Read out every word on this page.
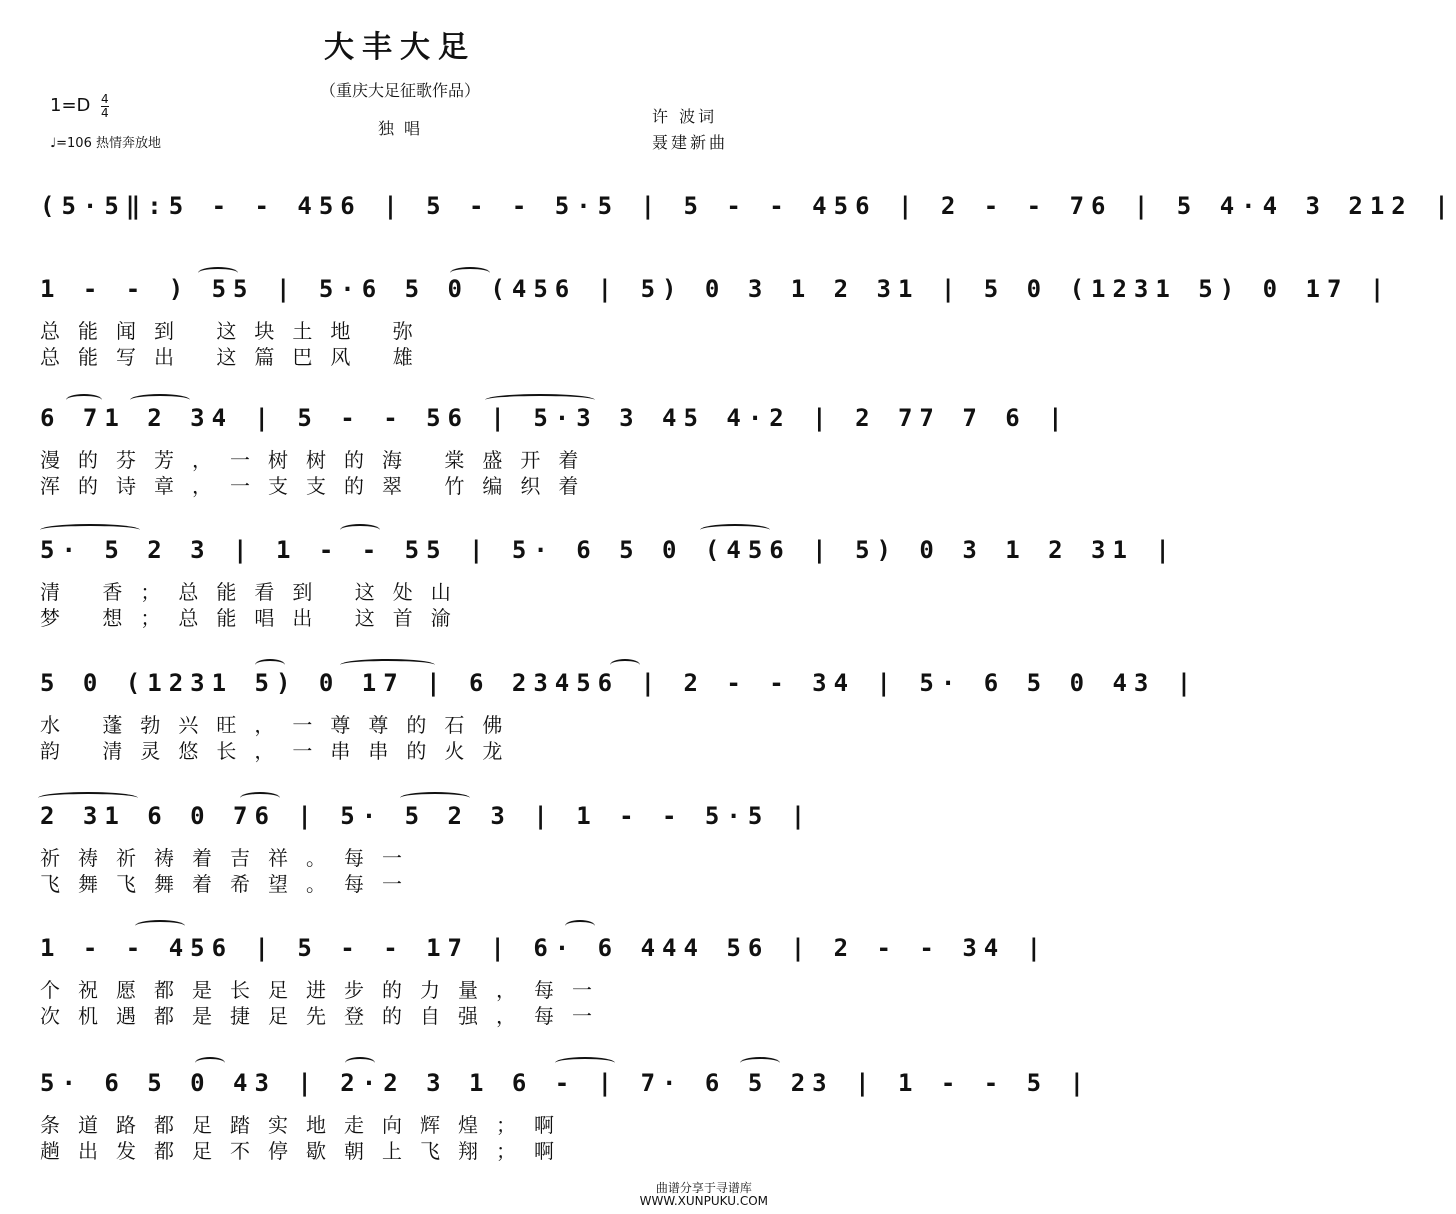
大丰大足
（重庆大足征歌作品）
1=D 4
4
♩=106 热情奔放地
独唱
许 波词
聂建新曲
(5·5‖:5 - - 456 | 5 - - 5·5 | 5 - - 456 | 2 - - 76 | 5 4·4 3 212 |
1 - - ) 55 | 5·6 5 0 (456 | 5) 0 3 1 2 31 | 5 0 (1231 5) 0 17 |
总能闻到 这块土地 弥
总能写出 这篇巴风 雄
6 71 2 34 | 5 - - 56 | 5·3 3 45 4·2 | 2 77 7 6 |
漫的芬芳，一树树的海 棠盛开着
浑的诗章，一支支的翠 竹编织着
5· 5 2 3 | 1 - - 55 | 5· 6 5 0 (456 | 5) 0 3 1 2 31 |
清 香；总能看到 这处山
梦 想；总能唱出 这首渝
5 0 (1231 5) 0 17 | 6 23456 | 2 - - 34 | 5· 6 5 0 43 |
水 蓬勃兴旺，一尊尊的石佛
韵 清灵悠长，一串串的火龙
2 31 6 0 76 | 5· 5 2 3 | 1 - - 5·5 |
祈祷祈祷着吉祥。每一
飞舞飞舞着希望。每一
1 - - 456 | 5 - - 17 | 6· 6 444 56 | 2 - - 34 |
个祝愿都是长足进步的力量，每一
次机遇都是捷足先登的自强，每一
5· 6 5 0 43 | 2·2 3 1 6 - | 7· 6 5 23 | 1 - - 5 |
条道路都足踏实地走向辉煌；啊
趟出发都足不停歇朝上飞翔；啊
曲谱分享于寻谱库
WWW.XUNPUKU.COM
